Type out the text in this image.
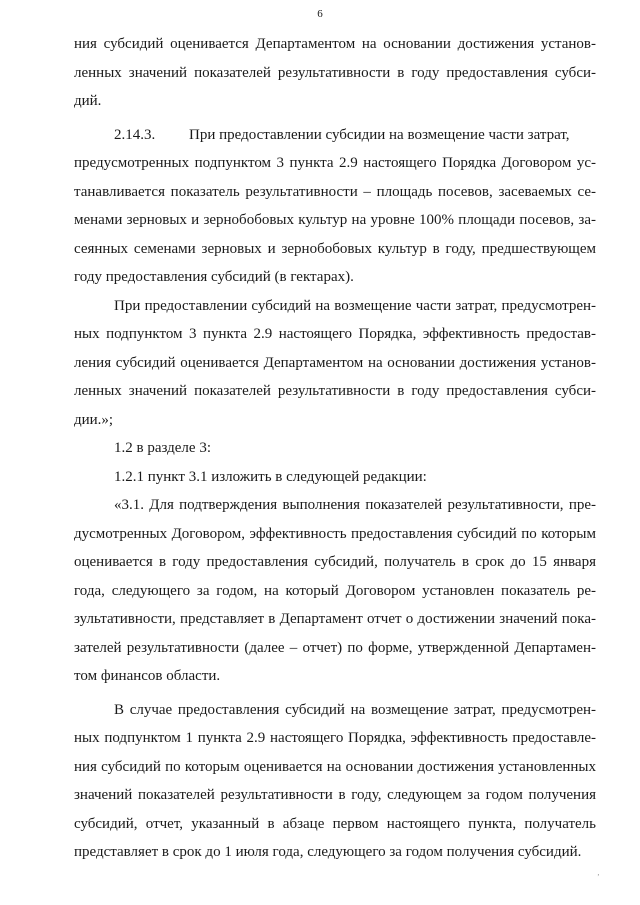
6
ния субсидий оценивается Департаментом на основании достижения установ-
ленных значений показателей результативности в году предоставления субси-
дий.
2.14.3. При предоставлении субсидии на возмещение части затрат,
предусмотренных подпунктом 3 пункта 2.9 настоящего Порядка Договором ус-
танавливается показатель результативности – площадь посевов, засеваемых се-
менами зерновых и зернобобовых культур на уровне 100% площади посевов, за-
сеянных семенами зерновых и зернобобовых культур в году, предшествующем
году предоставления субсидий (в гектарах).
При предоставлении субсидий на возмещение части затрат, предусмотрен-
ных подпунктом 3 пункта 2.9 настоящего Порядка, эффективность предостав-
ления субсидий оценивается Департаментом на основании достижения установ-
ленных значений показателей результативности в году предоставления субси-
дии.»;
1.2 в разделе 3:
1.2.1 пункт 3.1 изложить в следующей редакции:
«3.1. Для подтверждения выполнения показателей результативности, пре-
дусмотренных Договором, эффективность предоставления субсидий по которым
оценивается в году предоставления субсидий, получатель в срок до 15 января
года, следующего за годом, на который Договором установлен показатель ре-
зультативности, представляет в Департамент отчет о достижении значений пока-
зателей результативности (далее – отчет) по форме, утвержденной Департамен-
том финансов области.
В случае предоставления субсидий на возмещение затрат, предусмотрен-
ных подпунктом 1 пункта 2.9 настоящего Порядка, эффективность предоставле-
ния субсидий по которым оценивается на основании достижения установленных
значений показателей результативности в году, следующем за годом получения
субсидий, отчет, указанный в абзаце первом настоящего пункта, получатель
представляет в срок до 1 июля года, следующего за годом получения субсидий.
‚
